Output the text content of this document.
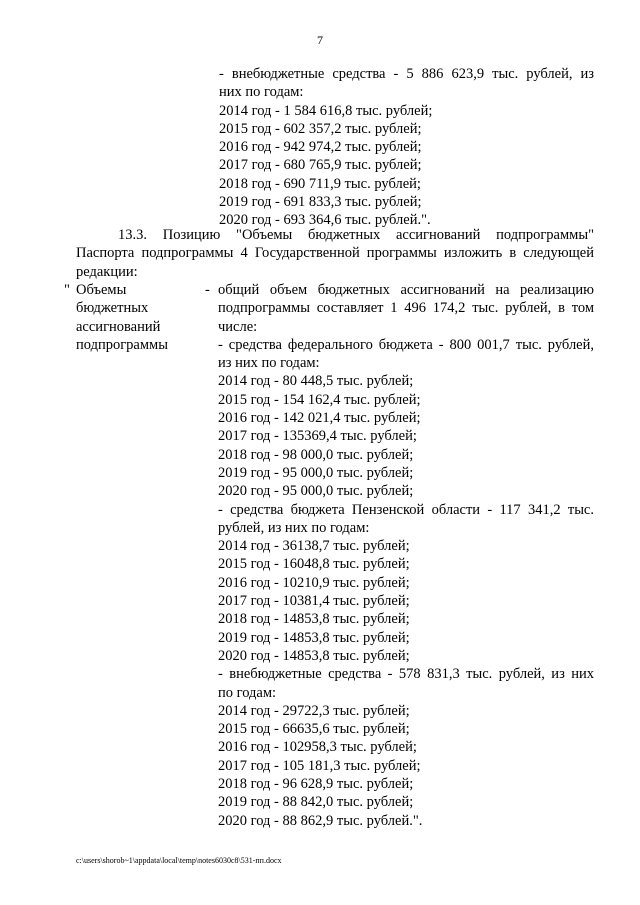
7
- внебюджетные средства - 5 886 623,9 тыс. рублей, из
них по годам:
2014 год - 1 584 616,8 тыс. рублей;
2015 год - 602 357,2 тыс. рублей;
2016 год - 942 974,2 тыс. рублей;
2017 год - 680 765,9 тыс. рублей;
2018 год - 690 711,9 тыс. рублей;
2019 год - 691 833,3 тыс. рублей;
2020 год - 693 364,6 тыс. рублей.".
13.3. Позицию "Объемы бюджетных ассигнований подпрограммы"
Паспорта подпрограммы 4 Государственной программы изложить в следующей
редакции:
" Объемы
бюджетных
ассигнований
подпрограммы
- общий объем бюджетных ассигнований на реализацию
подпрограммы составляет 1 496 174,2 тыс. рублей, в том
числе:
- средства федерального бюджета - 800 001,7 тыс. рублей,
из них по годам:
2014 год - 80 448,5 тыс. рублей;
2015 год - 154 162,4 тыс. рублей;
2016 год - 142 021,4 тыс. рублей;
2017 год - 135369,4 тыс. рублей;
2018 год - 98 000,0 тыс. рублей;
2019 год - 95 000,0 тыс. рублей;
2020 год - 95 000,0 тыс. рублей;
- средства бюджета Пензенской области - 117 341,2 тыс.
рублей, из них по годам:
2014 год - 36138,7 тыс. рублей;
2015 год - 16048,8 тыс. рублей;
2016 год - 10210,9 тыс. рублей;
2017 год - 10381,4 тыс. рублей;
2018 год - 14853,8 тыс. рублей;
2019 год - 14853,8 тыс. рублей;
2020 год - 14853,8 тыс. рублей;
- внебюджетные средства - 578 831,3 тыс. рублей, из них
по годам:
2014 год - 29722,3 тыс. рублей;
2015 год - 66635,6 тыс. рублей;
2016 год - 102958,3 тыс. рублей;
2017 год - 105 181,3 тыс. рублей;
2018 год - 96 628,9 тыс. рублей;
2019 год - 88 842,0 тыс. рублей;
2020 год - 88 862,9 тыс. рублей.".
c:\users\shorob~1\appdata\local\temp\notes6030c8\531-пп.docx
